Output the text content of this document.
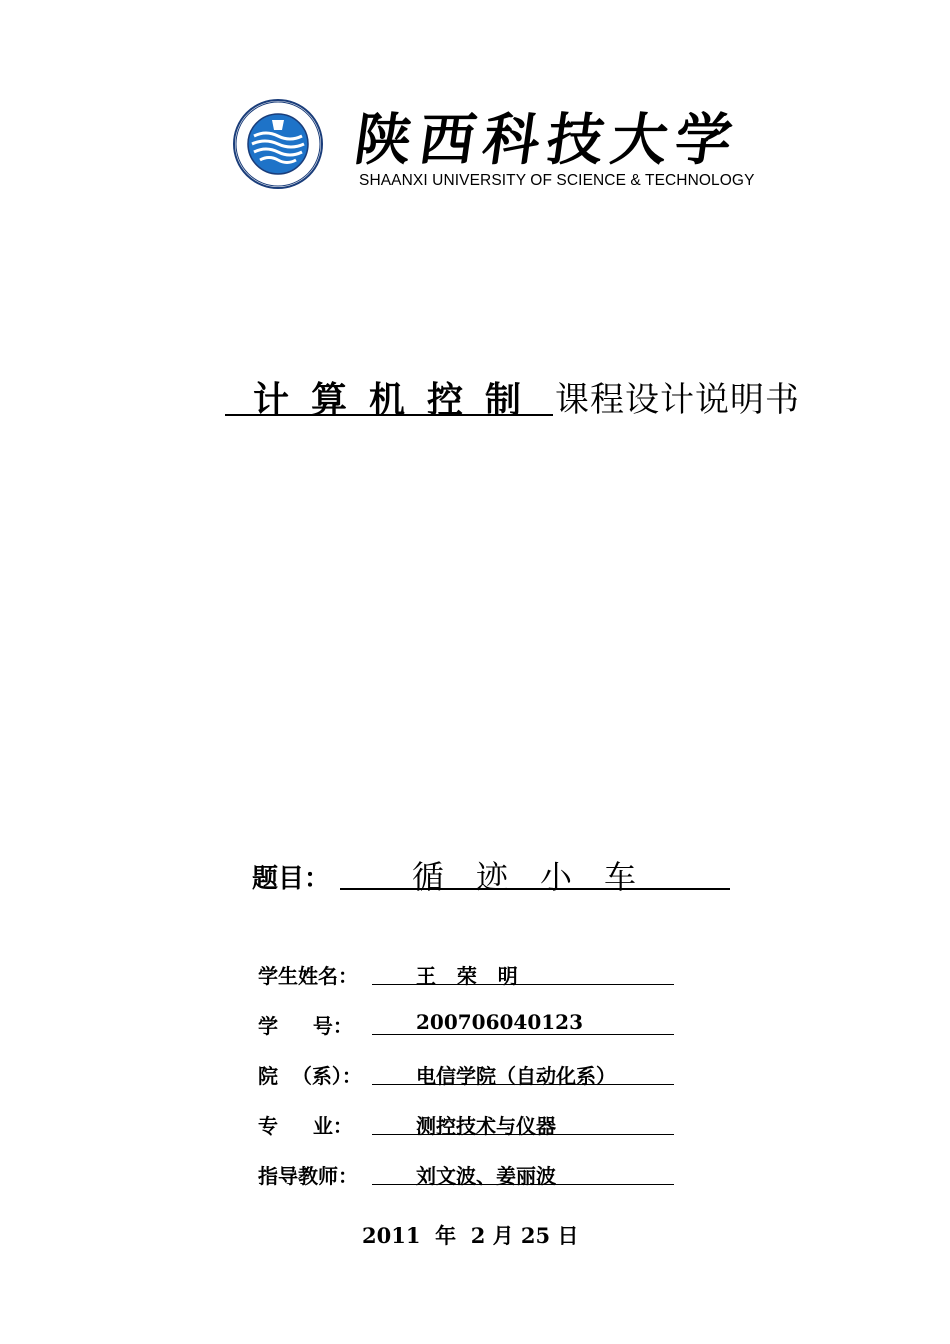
陕西科技大学
SHAANXI UNIVERSITY OF SCIENCE & TECHNOLOGY
计算机控制 课程设计说明书
题目：	循迹小车
学生姓名：	王   荣   明
学     号：	200706040123
院  （系）：	电信学院（自动化系）
专     业：	测控技术与仪器
指导教师：	刘文波、姜丽波
2011  年  2 月 25 日
